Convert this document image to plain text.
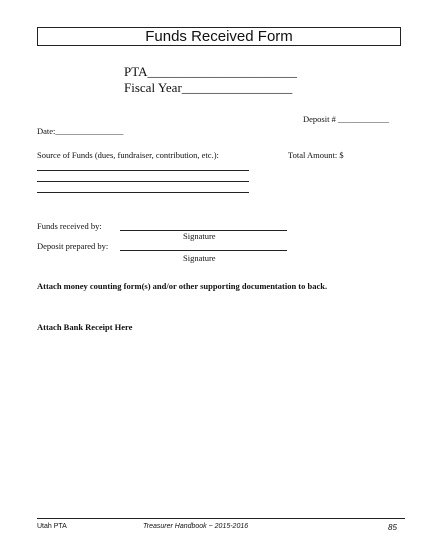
Funds Received Form
PTA_______________________
Fiscal Year_________________
Deposit # ____________
Date:________________
Source of Funds (dues, fundraiser, contribution, etc.):	Total Amount: $
Funds received by:
Signature
Deposit prepared by:
Signature
Attach money counting form(s) and/or other supporting documentation to back.
Attach Bank Receipt Here
Utah PTA	Treasurer Handbook ~ 2015-2016	85
